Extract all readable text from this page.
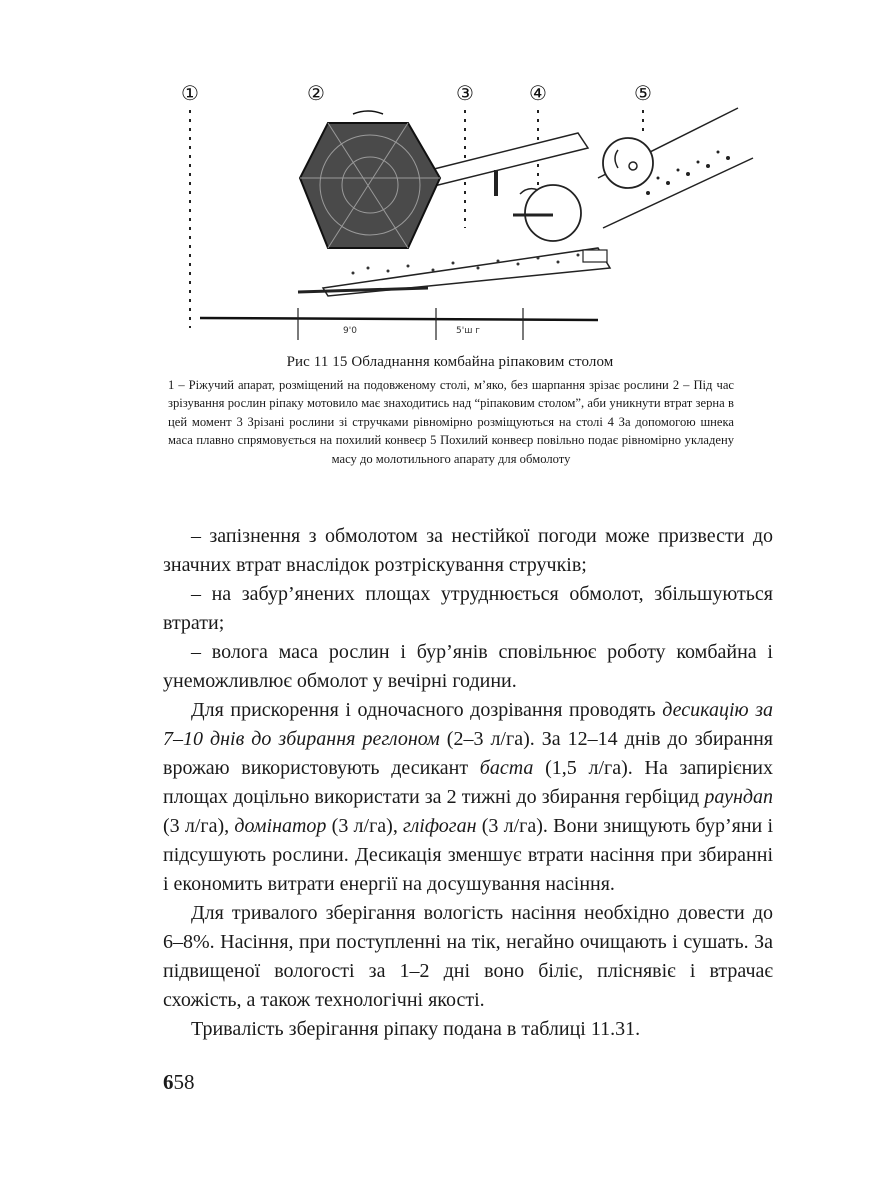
①	②	③	④	⑤
9'0	5'ш г
Рис 11 15 Обладнання комбайна ріпаковим столом
1 – Ріжучий апарат, розміщений на подовженому столі, м’яко, без шарпання зрізає рослини 2 – Під час зрізування рослин ріпаку мотовило має знаходитись над “ріпаковим столом”, аби уникнути втрат зерна в цей момент 3 Зрізані рослини зі стручками рівномірно розміщуються на столі 4 За допомогою шнека маса плавно спрямовується на похилий конвеєр 5 Похилий конвеєр повільно подає рівномірно укладену масу до молотильного апарату для обмолоту

– запізнення з обмолотом за нестійкої погоди може призвести до значних втрат внаслідок розтріскування стручків;

– на забур’янених площах утруднюється обмолот, збільшуються втрати;

– волога маса рослин і бур’янів сповільнює роботу комбайна і унеможливлює обмолот у вечірні години.

Для прискорення і одночасного дозрівання проводять десикацію за 7–10 днів до збирання реглоном (2–3 л/га). За 12–14 днів до збирання врожаю використовують десикант баста (1,5 л/га). На запирієних площах доцільно використати за 2 тижні до збирання гербіцид раундап (3 л/га), домінатор (3 л/га), гліфоган (3 л/га). Вони знищують бур’яни і підсушують рослини. Десикація зменшує втрати насіння при збиранні і економить витрати енергії на досушування насіння.

Для тривалого зберігання вологість насіння необхідно довести до 6–8%. Насіння, при поступленні на тік, негайно очищають і сушать. За підвищеної вологості за 1–2 дні воно біліє, пліснявіє і втрачає схожість, а також технологічні якості.

Тривалість зберігання ріпаку подана в таблиці 11.31.

658
